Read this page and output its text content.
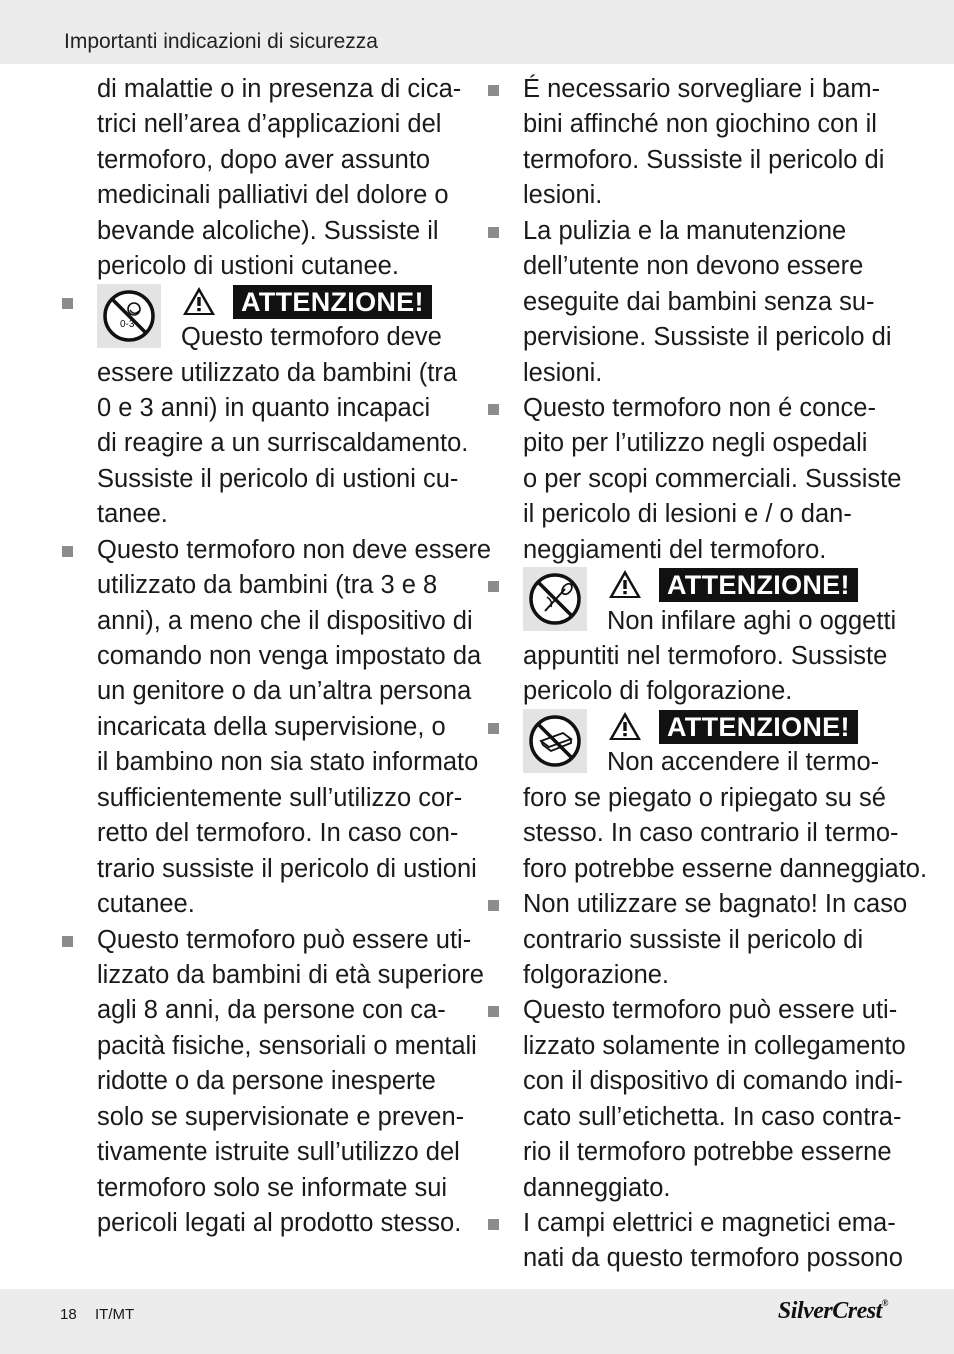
Importanti indicazioni di sicurezza
di malattie o in presenza di cica-
trici nell’area d’applicazioni del
termoforo, dopo aver assunto
medicinali palliativi del dolore o
bevande alcoliche). Sussiste il
pericolo di ustioni cutanee.
0-3
ATTENZIONE!
Questo termoforo deve
essere utilizzato da bambini (tra
0 e 3 anni) in quanto incapaci
di reagire a un surriscaldamento.
Sussiste il pericolo di ustioni cu-
tanee.
Questo termoforo non deve essere
utilizzato da bambini (tra 3 e 8
anni), a meno che il dispositivo di
comando non venga impostato da
un genitore o da un’altra persona
incaricata della supervisione, o
il bambino non sia stato informato
sufficientemente sull’utilizzo cor-
retto del termoforo. In caso con-
trario sussiste il pericolo di ustioni
cutanee.
Questo termoforo può essere uti-
lizzato da bambini di età superiore
agli 8 anni, da persone con ca-
pacità fisiche, sensoriali o mentali
ridotte o da persone inesperte
solo se supervisionate e preven-
tivamente istruite sull’utilizzo del
termoforo solo se informate sui
pericoli legati al prodotto stesso.
É necessario sorvegliare i bam-
bini affinché non giochino con il
termoforo. Sussiste il pericolo di
lesioni.
La pulizia e la manutenzione
dell’utente non devono essere
eseguite dai bambini senza su-
pervisione. Sussiste il pericolo di
lesioni.
Questo termoforo non é conce-
pito per l’utilizzo negli ospedali
o per scopi commerciali. Sussiste
il pericolo di lesioni e / o dan-
neggiamenti del termoforo.
ATTENZIONE!
Non infilare aghi o oggetti
appuntiti nel termoforo. Sussiste
pericolo di folgorazione.
ATTENZIONE!
Non accendere il termo-
foro se piegato o ripiegato su sé
stesso. In caso contrario il termo-
foro potrebbe esserne danneggiato.
Non utilizzare se bagnato! In caso
contrario sussiste il pericolo di
folgorazione.
Questo termoforo può essere uti-
lizzato solamente in collegamento
con il dispositivo di comando indi-
cato sull’etichetta. In caso contra-
rio il termoforo potrebbe esserne
danneggiato.
I campi elettrici e magnetici ema-
nati da questo termoforo possono
18 IT/MT	SilverCrest®
